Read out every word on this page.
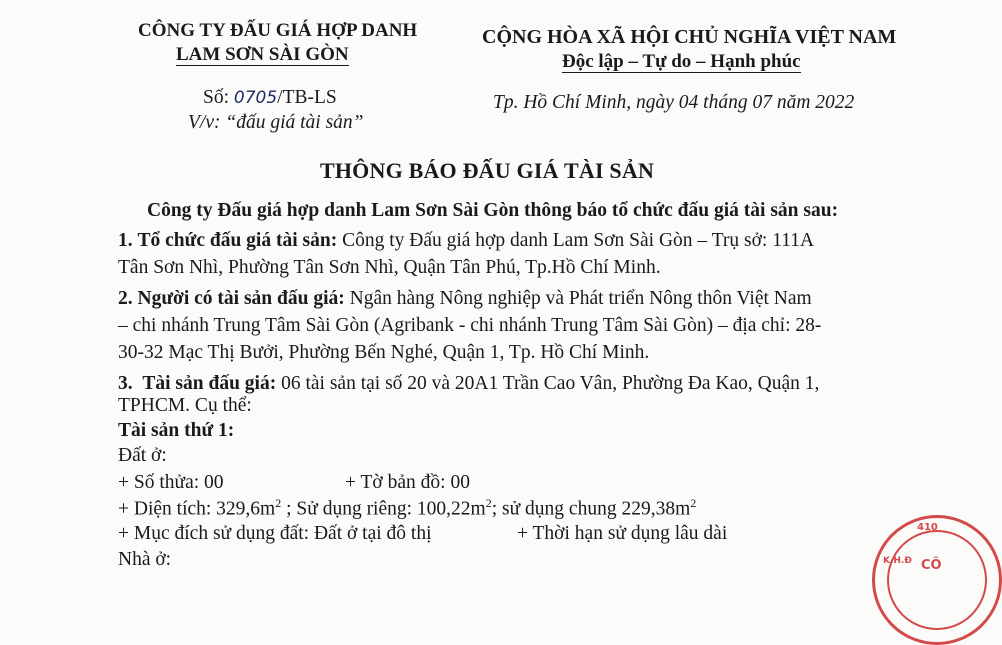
CÔNG TY ĐẤU GIÁ HỢP DANH
LAM SƠN SÀI GÒN
CỘNG HÒA XÃ HỘI CHỦ NGHĨA VIỆT NAM
Độc lập – Tự do – Hạnh phúc
Số: 0705/TB-LS
V/v: “đấu giá tài sản”
Tp. Hồ Chí Minh, ngày 04 tháng 07 năm 2022
THÔNG BÁO ĐẤU GIÁ TÀI SẢN
Công ty Đấu giá hợp danh Lam Sơn Sài Gòn thông báo tổ chức đấu giá tài sản sau:
1. Tổ chức đấu giá tài sản: Công ty Đấu giá hợp danh Lam Sơn Sài Gòn – Trụ sở: 111A
Tân Sơn Nhì, Phường Tân Sơn Nhì, Quận Tân Phú, Tp.Hồ Chí Minh.
2. Người có tài sản đấu giá: Ngân hàng Nông nghiệp và Phát triển Nông thôn Việt Nam
– chi nhánh Trung Tâm Sài Gòn (Agribank - chi nhánh Trung Tâm Sài Gòn) – địa chỉ: 28-
30-32 Mạc Thị Bưởi, Phường Bến Nghé, Quận 1, Tp. Hồ Chí Minh.
3. Tài sản đấu giá: 06 tài sản tại số 20 và 20A1 Trần Cao Vân, Phường Đa Kao, Quận 1,
TPHCM. Cụ thể:
Tài sản thứ 1:
Đất ở:
+ Số thửa: 00	+ Tờ bản đồ: 00
+ Diện tích: $329,6m^2$ ; Sử dụng riêng: $100,22m^2$; sử dụng chung $229,38m^2$
+ Mục đích sử dụng đất: Đất ở tại đô thị	+ Thời hạn sử dụng lâu dài
Nhà ở:
410
K.H.Đ CÔ
